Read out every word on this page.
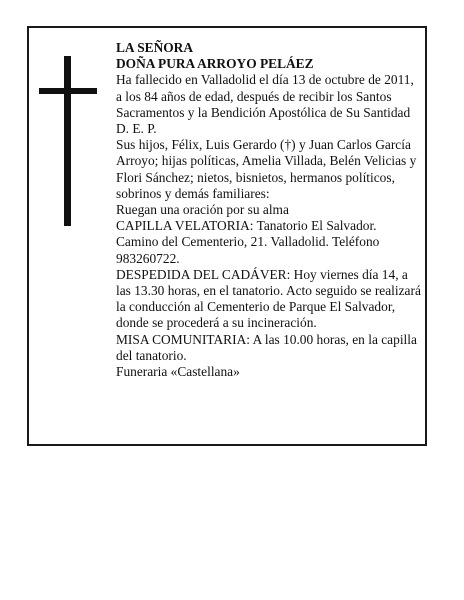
LA SEÑORA

DOÑA PURA ARROYO PELÁEZ

Ha fallecido en Valladolid el día 13 de octubre de 2011, a los 84 años de edad, después de recibir los Santos Sacramentos y la Bendición Apostólica de Su Santidad

D. E. P.

Sus hijos, Félix, Luis Gerardo (†) y Juan Carlos García Arroyo; hijas políticas, Amelia Villada, Belén Velicias y Flori Sánchez; nietos, bisnietos, hermanos políticos, sobrinos y demás familiares:

Ruegan una oración por su alma

CAPILLA VELATORIA: Tanatorio El Salvador. Camino del Cementerio, 21. Valladolid. Teléfono 983260722.

DESPEDIDA DEL CADÁVER: Hoy viernes día 14, a las 13.30 horas, en el tanatorio. Acto seguido se realizará la conducción al Cementerio de Parque El Salvador, donde se procederá a su incineración.

MISA COMUNITARIA: A las 10.00 horas, en la capilla del tanatorio.

Funeraria «Castellana»
